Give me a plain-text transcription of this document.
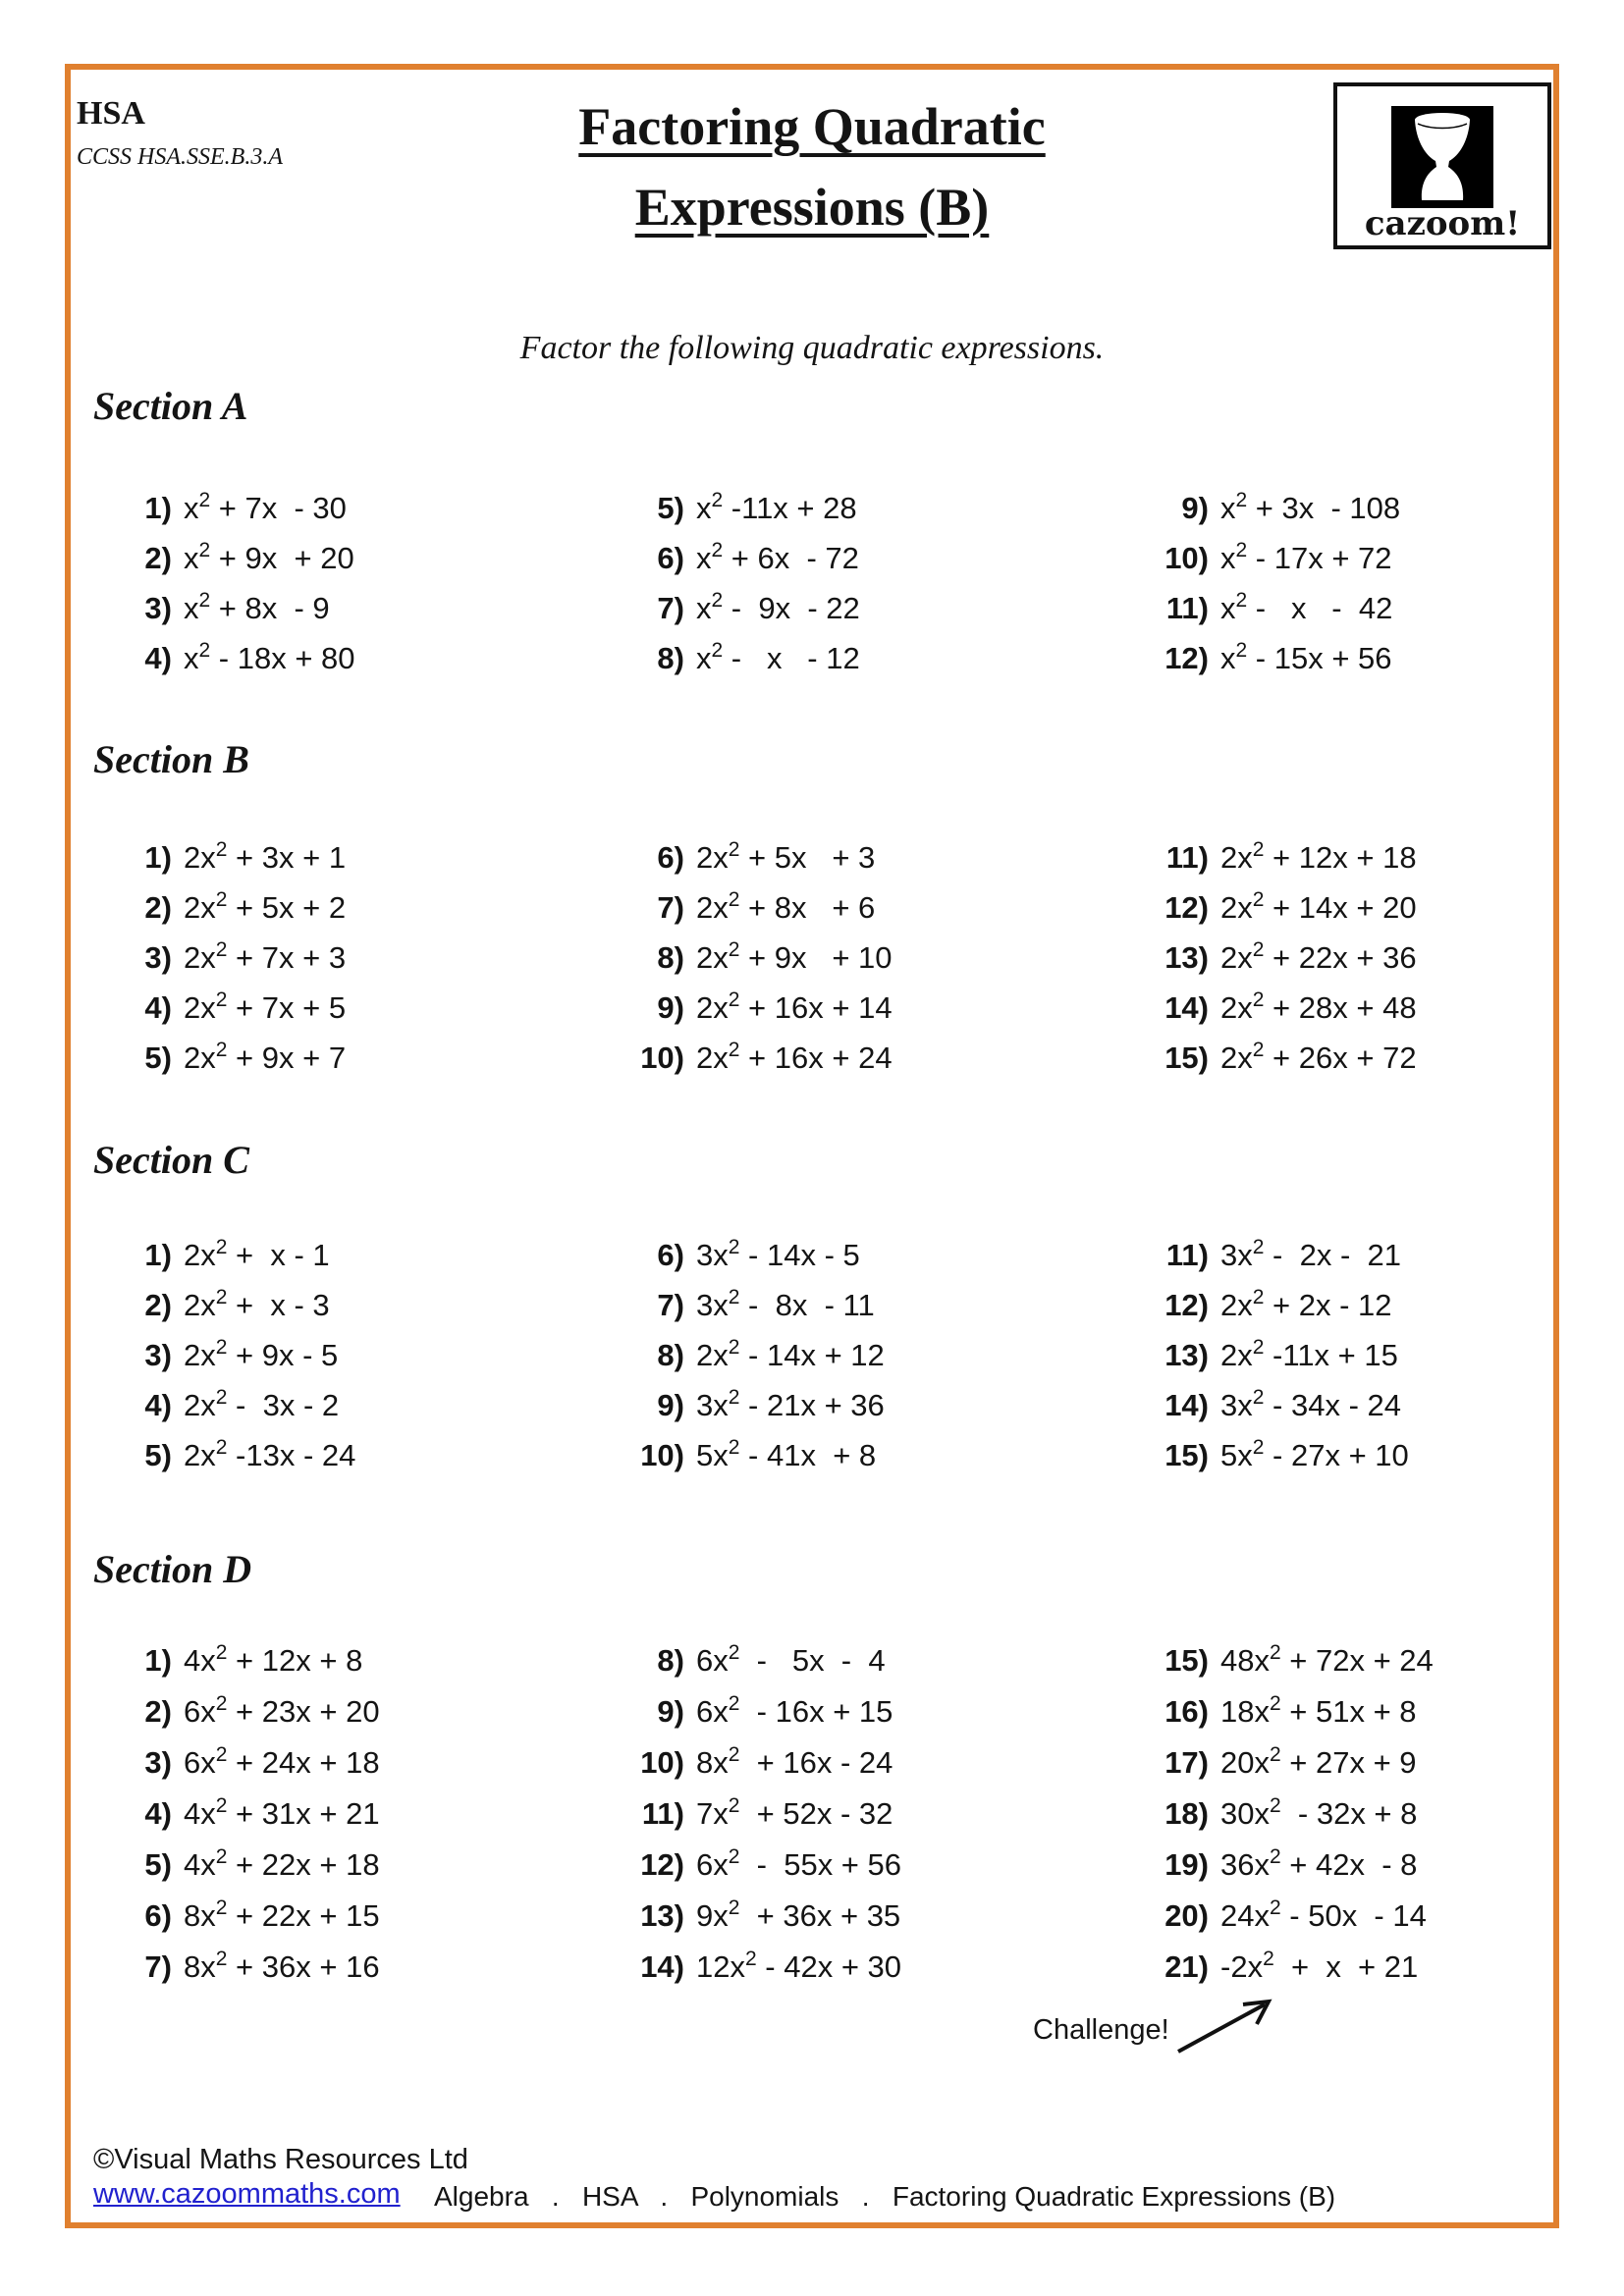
HSA
CCSS HSA.SSE.B.3.A
Factoring Quadratic
Expressions (B)	cazoom!
Factor the following quadratic expressions.
Section A
1) $x^2 + 7x - 30$
2) $x^2 + 9x + 20$
3) $x^2 + 8x - 9$
4) $x^2 - 18x + 80$
5) $x^2$ -11x + 28
6) $x^2 + 6x - 72$
7) $x^2 - 9x - 22$
8) $x^2$ -   x   - 12
9) $x^2 + 3x - 108$
10) $x^2 - 17x + 72$
11) $x^2$ -   x   -  42
12) $x^2 - 15x + 56$
Section B
1) $2x^2 + 3x + 1$
2) $2x^2 + 5x + 2$
3) $2x^2 + 7x + 3$
4) $2x^2 + 7x + 5$
5) $2x^2 + 9x + 7$
6) $2x^2 + 5x + 3$
7) $2x^2 + 8x + 6$
8) $2x^2 + 9x + 10$
9) $2x^2 + 16x + 14$
10) $2x^2 + 16x + 24$
11) $2x^2 + 12x + 18$
12) $2x^2 + 14x + 20$
13) $2x^2 + 22x + 36$
14) $2x^2 + 28x + 48$
15) $2x^2 + 26x + 72$
Section C
1) $2x^2 + x - 1$
2) $2x^2 + x - 3$
3) $2x^2 + 9x - 5$
4) $2x^2 - 3x - 2$
5) $2x^2$ -13x - 24
6) $3x^2 - 14x - 5$
7) $3x^2 - 8x - 11$
8) $2x^2 - 14x + 12$
9) $3x^2 - 21x + 36$
10) $5x^2 - 41x + 8$
11) $3x^2 - 2x - 21$
12) $2x^2 + 2x - 12$
13) $2x^2$ -11x + 15
14) $3x^2 - 34x - 24$
15) $5x^2 - 27x + 10$
Section D
1) $4x^2 + 12x + 8$
2) $6x^2 + 23x + 20$
3) $6x^2 + 24x + 18$
4) $4x^2 + 31x + 21$
5) $4x^2 + 22x + 18$
6) $8x^2 + 22x + 15$
7) $8x^2 + 36x + 16$
8) $6x^2 - 5x - 4$
9) $6x^2 - 16x + 15$
10) $8x^2 + 16x - 24$
11) $7x^2 + 52x - 32$
12) $6x^2 - 55x + 56$
13) $9x^2 + 36x + 35$
14) $12x^2 - 42x + 30$
15) $48x^2 + 72x + 24$
16) $18x^2 + 51x + 8$
17) $20x^2 + 27x + 9$
18) $30x^2 - 32x + 8$
19) $36x^2 + 42x - 8$
20) $24x^2 - 50x - 14$
21) $-2x^2 + x + 21$
Challenge!
©Visual Maths Resources Ltd
www.cazoommaths.com Algebra   .   HSA   .   Polynomials   .   Factoring Quadratic Expressions (B)
